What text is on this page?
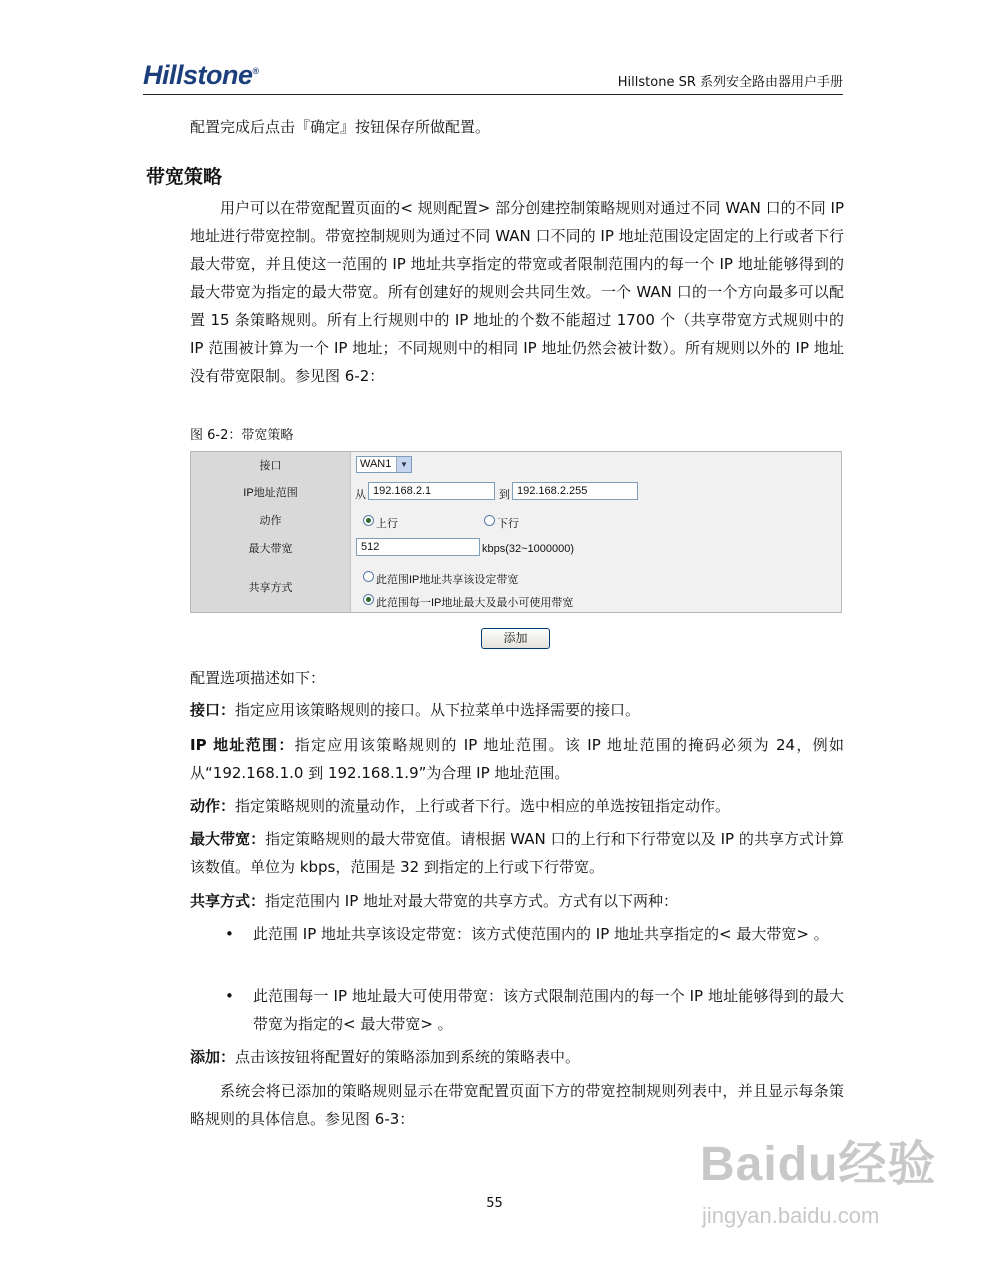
Hillstone®
Hillstone SR 系列安全路由器用户手册
配置完成后点击『确定』按钮保存所做配置。
带宽策略
用户可以在带宽配置页面的< 规则配置> 部分创建控制策略规则对通过不同 WAN 口的不同 IP 地址进行带宽控制。带宽控制规则为通过不同 WAN 口不同的 IP 地址范围设定固定的上行或者下行最大带宽，并且使这一范围的 IP 地址共享指定的带宽或者限制范围内的每一个 IP 地址能够得到的最大带宽为指定的最大带宽。所有创建好的规则会共同生效。一个 WAN 口的一个方向最多可以配置 15 条策略规则。所有上行规则中的 IP 地址的个数不能超过 1700 个（共享带宽方式规则中的 IP 范围被计算为一个 IP 地址；不同规则中的相同 IP 地址仍然会被计数）。所有规则以外的 IP 地址没有带宽限制。参见图 6-2：
图 6-2：带宽策略
接口	WAN1	▼
IP地址范围	从 192.168.2.1	到 192.168.2.255
动作	上行	下行
最大带宽	512	kbps(32~1000000)
共享方式
此范围IP地址共享该设定带宽
此范围每一IP地址最大及最小可使用带宽
添加
配置选项描述如下：
接口：指定应用该策略规则的接口。从下拉菜单中选择需要的接口。
IP 地址范围：指定应用该策略规则的 IP 地址范围。该 IP 地址范围的掩码必须为 24，例如从“192.168.1.0 到 192.168.1.9”为合理 IP 地址范围。
动作：指定策略规则的流量动作，上行或者下行。选中相应的单选按钮指定动作。
最大带宽：指定策略规则的最大带宽值。请根据 WAN 口的上行和下行带宽以及 IP 的共享方式计算该数值。单位为 kbps，范围是 32 到指定的上行或下行带宽。
共享方式：指定范围内 IP 地址对最大带宽的共享方式。方式有以下两种：
• 此范围 IP 地址共享该设定带宽：该方式使范围内的 IP 地址共享指定的< 最大带宽> 。
• 此范围每一 IP 地址最大可使用带宽：该方式限制范围内的每一个 IP 地址能够得到的最大带宽为指定的< 最大带宽> 。
添加：点击该按钮将配置好的策略添加到系统的策略表中。
系统会将已添加的策略规则显示在带宽配置页面下方的带宽控制规则列表中，并且显示每条策略规则的具体信息。参见图 6-3：
55
Baidu经验
jingyan.baidu.com
